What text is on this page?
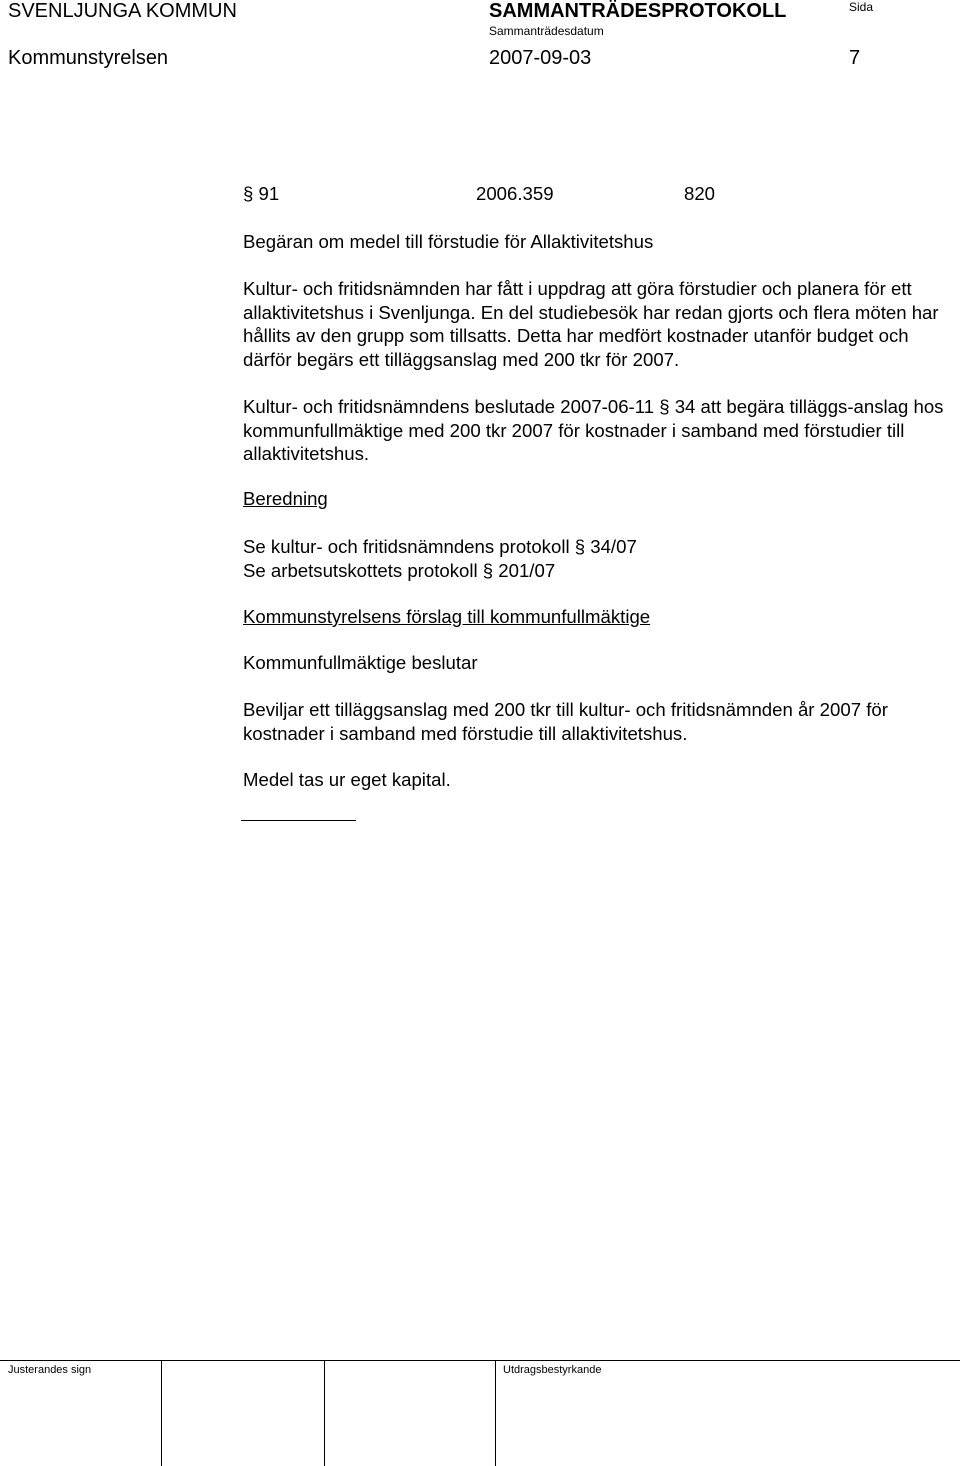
SVENLJUNGA KOMMUN	SAMMANTRÄDESPROTOKOLL
Sammanträdesdatum
Sida
Kommunstyrelsen	2007-09-03	7
§ 91	2006.359	820
Begäran om medel till förstudie för Allaktivitetshus

Kultur- och fritidsnämnden har fått i uppdrag att göra förstudier och planera för ett allaktivitetshus i Svenljunga. En del studiebesök har redan gjorts och flera möten har hållits av den grupp som tillsatts. Detta har medfört kostnader utanför budget och därför begärs ett tilläggsanslag med 200 tkr för 2007.

Kultur- och fritidsnämndens beslutade 2007-06-11 § 34 att begära tilläggs-anslag hos kommunfullmäktige med 200 tkr 2007 för kostnader i samband med förstudier till allaktivitetshus.

Beredning
Se kultur- och fritidsnämndens protokoll § 34/07
Se arbetsutskottets protokoll § 201/07
Kommunstyrelsens förslag till kommunfullmäktige
Kommunfullmäktige beslutar

Beviljar ett tilläggsanslag med 200 tkr till kultur- och fritidsnämnden år 2007 för kostnader i samband med förstudie till allaktivitetshus.

Medel tas ur eget kapital.
Justerandes sign	Utdragsbestyrkande
